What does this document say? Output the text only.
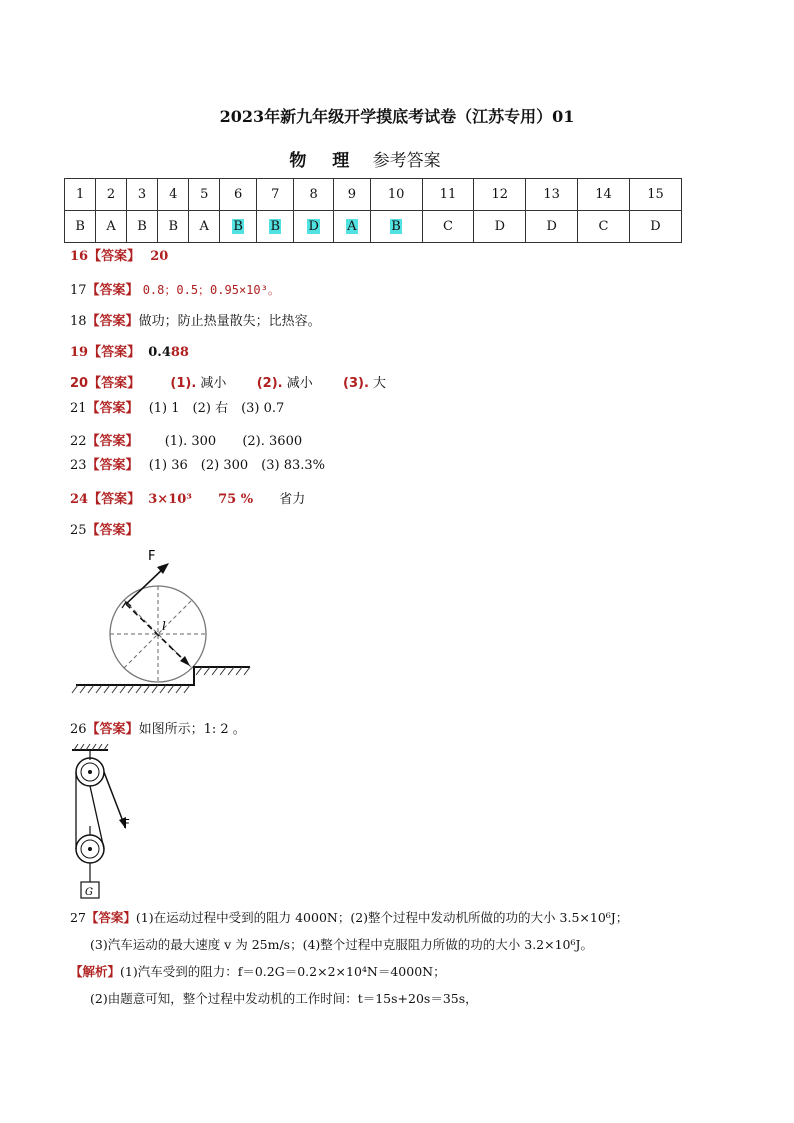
2023年新九年级开学摸底考试卷（江苏专用）01
物 理 参考答案
1	2	3	4	5	6	7	8	9	10	11	12	13	14	15
B	A	B	B	A	B	B	D	A	B	C	D	D	C	D
16【答案】 20
17【答案】 0.8；0.5；0.95×10³。
18【答案】做功；防止热量散失；比热容。
19【答案】 0.488
20【答案】 (1). 减小 (2). 减小 (3). 大
21【答案】 (1) 1　(2) 右　(3) 0.7
22【答案】 (1). 300 (2). 3600
23【答案】 (1) 36　(2) 300　(3) 83.3%
24【答案】 3×10³ 75 % 省力
25【答案】
F
l
26【答案】如图所示；1: 2 。
F
G
27【答案】(1)在运动过程中受到的阻力 4000N；(2)整个过程中发动机所做的功的大小 3.5×10⁶J；
(3)汽车运动的最大速度 v 为 25m/s；(4)整个过程中克服阻力所做的功的大小 3.2×10⁶J。
【解析】(1)汽车受到的阻力：f＝0.2G＝0.2×2×10⁴N＝4000N；
(2)由题意可知，整个过程中发动机的工作时间：t＝15s+20s＝35s，
